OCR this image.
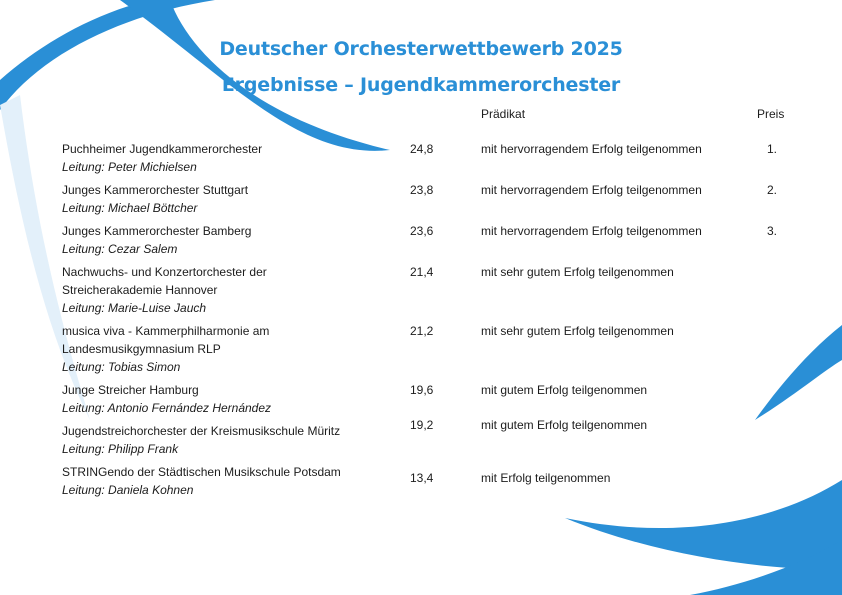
Deutscher Orchesterwettbewerb 2025
Ergebnisse – Jugendkammerorchester
Prädikat	Preis
Puchheimer Jugendkammerorchester
Leitung: Peter Michielsen
24,8	mit hervorragendem Erfolg teilgenommen	1.
Junges Kammerorchester Stuttgart
Leitung: Michael Böttcher
23,8	mit hervorragendem Erfolg teilgenommen	2.
Junges Kammerorchester Bamberg
Leitung: Cezar Salem
23,6	mit hervorragendem Erfolg teilgenommen	3.
Nachwuchs- und Konzertorchester der
Streicherakademie Hannover
Leitung: Marie-Luise Jauch
21,4	mit sehr gutem Erfolg teilgenommen
musica viva - Kammerphilharmonie am
Landesmusikgymnasium RLP
Leitung: Tobias Simon
21,2	mit sehr gutem Erfolg teilgenommen
Junge Streicher Hamburg
Leitung: Antonio Fernández Hernández
19,6	mit gutem Erfolg teilgenommen
Jugendstreichorchester der Kreismusikschule Müritz
Leitung: Philipp Frank
19,2	mit gutem Erfolg teilgenommen
STRINGendo der Städtischen Musikschule Potsdam
Leitung: Daniela Kohnen
13,4	mit Erfolg teilgenommen
